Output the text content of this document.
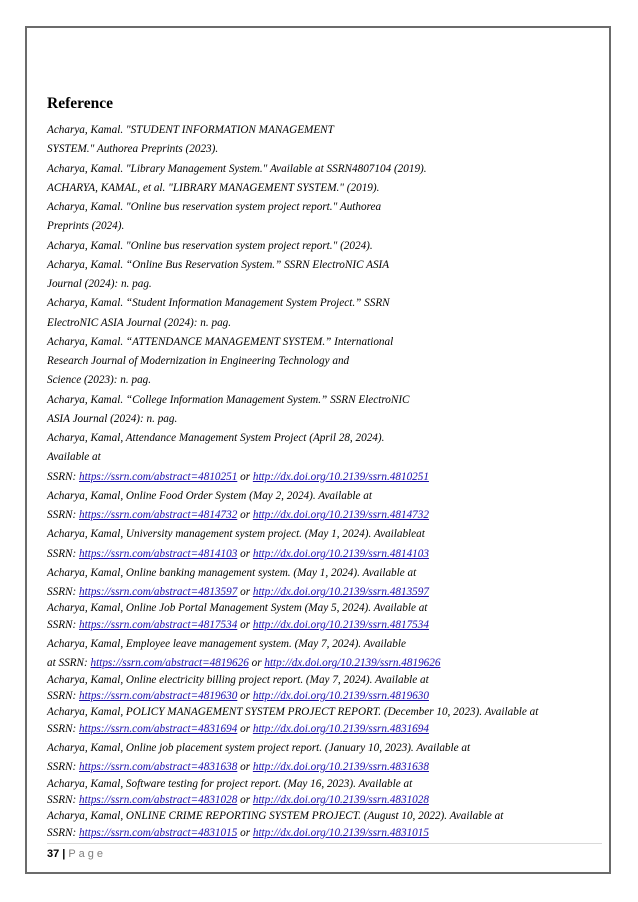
Reference
Acharya, Kamal. "STUDENT INFORMATION MANAGEMENT
SYSTEM." Authorea Preprints (2023).
Acharya, Kamal. "Library Management System." Available at SSRN4807104 (2019).
ACHARYA, KAMAL, et al. "LIBRARY MANAGEMENT SYSTEM." (2019).
Acharya, Kamal. "Online bus reservation system project report." Authorea
Preprints (2024).
Acharya, Kamal. "Online bus reservation system project report." (2024).
Acharya, Kamal. “Online Bus Reservation System.” SSRN ElectroNIC ASIA
Journal (2024): n. pag.
Acharya, Kamal. “Student Information Management System Project.” SSRN
ElectroNIC ASIA Journal (2024): n. pag.
Acharya, Kamal. “ATTENDANCE MANAGEMENT SYSTEM.” International
Research Journal of Modernization in Engineering Technology and
Science (2023): n. pag.
Acharya, Kamal. “College Information Management System.” SSRN ElectroNIC
ASIA Journal (2024): n. pag.
Acharya, Kamal, Attendance Management System Project (April 28, 2024).
Available at
SSRN: https://ssrn.com/abstract=4810251 or http://dx.doi.org/10.2139/ssrn.4810251
Acharya, Kamal, Online Food Order System (May 2, 2024). Available at
SSRN: https://ssrn.com/abstract=4814732 or http://dx.doi.org/10.2139/ssrn.4814732
Acharya, Kamal, University management system project. (May 1, 2024). Availableat
SSRN: https://ssrn.com/abstract=4814103 or http://dx.doi.org/10.2139/ssrn.4814103
Acharya, Kamal, Online banking management system. (May 1, 2024). Available at
SSRN: https://ssrn.com/abstract=4813597 or http://dx.doi.org/10.2139/ssrn.4813597
Acharya, Kamal, Online Job Portal Management System (May 5, 2024). Available at
SSRN: https://ssrn.com/abstract=4817534 or http://dx.doi.org/10.2139/ssrn.4817534
Acharya, Kamal, Employee leave management system. (May 7, 2024). Available
at SSRN: https://ssrn.com/abstract=4819626 or http://dx.doi.org/10.2139/ssrn.4819626
Acharya, Kamal, Online electricity billing project report. (May 7, 2024). Available at
SSRN: https://ssrn.com/abstract=4819630 or http://dx.doi.org/10.2139/ssrn.4819630
Acharya, Kamal, POLICY MANAGEMENT SYSTEM PROJECT REPORT. (December 10, 2023). Available at
SSRN: https://ssrn.com/abstract=4831694 or http://dx.doi.org/10.2139/ssrn.4831694
Acharya, Kamal, Online job placement system project report. (January 10, 2023). Available at
SSRN: https://ssrn.com/abstract=4831638 or http://dx.doi.org/10.2139/ssrn.4831638
Acharya, Kamal, Software testing for project report. (May 16, 2023). Available at
SSRN: https://ssrn.com/abstract=4831028 or http://dx.doi.org/10.2139/ssrn.4831028
Acharya, Kamal, ONLINE CRIME REPORTING SYSTEM PROJECT. (August 10, 2022). Available at
SSRN: https://ssrn.com/abstract=4831015 or http://dx.doi.org/10.2139/ssrn.4831015
37 | Page
